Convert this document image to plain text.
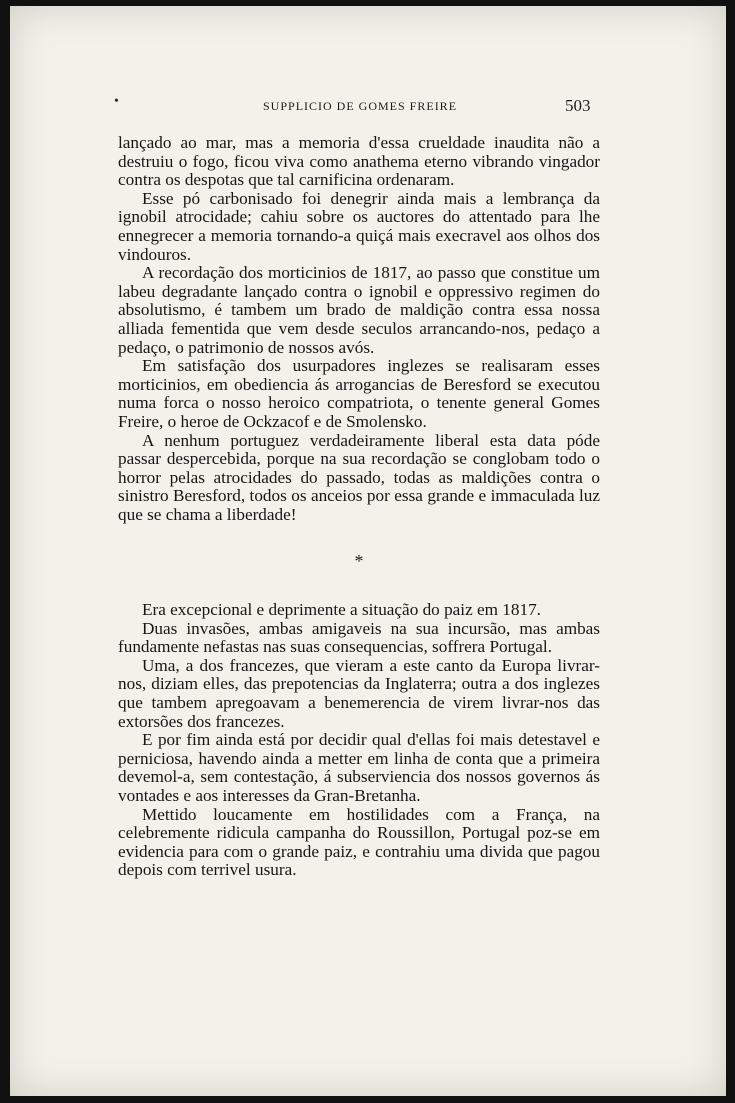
SUPPLICIO DE GOMES FREIRE	503
•

lançado ao mar, mas a memoria d'essa crueldade inaudita não a destruiu o fogo, ficou viva como anathema eterno vibrando vingador contra os despotas que tal carnificina ordenaram.

Esse pó carbonisado foi denegrir ainda mais a lembrança da ignobil atrocidade; cahiu sobre os auctores do attentado para lhe ennegrecer a memoria tornando-a quiçá mais execravel aos olhos dos vindouros.

A recordação dos morticinios de 1817, ao passo que constitue um labeu degradante lançado contra o ignobil e oppressivo regimen do absolutismo, é tambem um brado de maldição contra essa nossa alliada fementida que vem desde seculos arrancando-nos, pedaço a pedaço, o patrimonio de nossos avós.

Em satisfação dos usurpadores inglezes se realisaram esses morticinios, em obediencia ás arrogancias de Beresford se executou numa forca o nosso heroico compatriota, o tenente general Gomes Freire, o heroe de Ockzacof e de Smolensko.

A nenhum portuguez verdadeiramente liberal esta data póde passar despercebida, porque na sua recordação se conglobam todo o horror pelas atrocidades do passado, todas as maldições contra o sinistro Beresford, todos os anceios por essa grande e immaculada luz que se chama a liberdade!

*

Era excepcional e deprimente a situação do paiz em 1817.

Duas invasões, ambas amigaveis na sua incursão, mas ambas fundamente nefastas nas suas consequencias, soffrera Portugal.

Uma, a dos francezes, que vieram a este canto da Europa livrar-nos, diziam elles, das prepotencias da Inglaterra; outra a dos inglezes que tambem apregoavam a benemerencia de virem livrar-nos das extorsões dos francezes.

E por fim ainda está por decidir qual d'ellas foi mais detestavel e perniciosa, havendo ainda a metter em linha de conta que a primeira devemol-a, sem contestação, á subserviencia dos nossos governos ás vontades e aos interesses da Gran-Bretanha.

Mettido loucamente em hostilidades com a França, na celebremente ridicula campanha do Roussillon, Portugal poz-se em evidencia para com o grande paiz, e contrahiu uma divida que pagou depois com terrivel usura.
